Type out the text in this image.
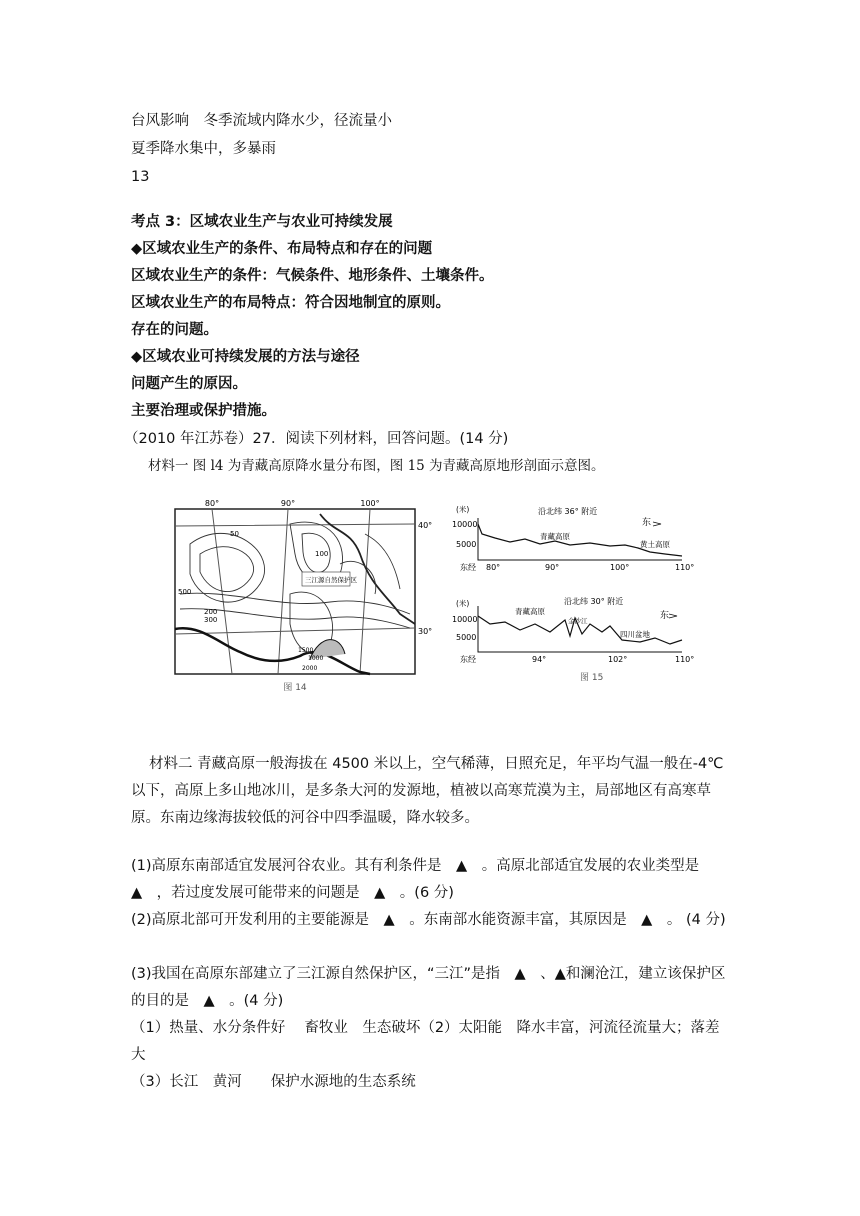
台风影响　冬季流域内降水少，径流量小
夏季降水集中，多暴雨
13
考点 3：区域农业生产与农业可持续发展
◆区域农业生产的条件、布局特点和存在的问题
区域农业生产的条件：气候条件、地形条件、土壤条件。
区域农业生产的布局特点：符合因地制宜的原则。
存在的问题。
◆区域农业可持续发展的方法与途径
问题产生的原因。
主要治理或保护措施。
（2010 年江苏卷）27．阅读下列材料，回答问题。(14 分)
材料一 图 l4 为青藏高原降水量分布图，图 15 为青藏高原地形剖面示意图。
80°	90°	100°
40°
30°
50
100
200
300
500
1000
1500
2000
三江源自然保护区
图 14
(米)
10000
5000
沿北纬 36° 附近
东
青藏高原
黄土高原
东经 80°	90°	100°	110°
(米)
10000
5000
沿北纬 30° 附近
东
青藏高原
四川盆地
金沙江
东经	94°	102°	110°
图 15
材料二 青藏高原一般海拔在 4500 米以上，空气稀薄，日照充足，年平均气温一般在-4℃以下，高原上多山地冰川，是多条大河的发源地，植被以高寒荒漠为主，局部地区有高寒草原。东南边缘海拔较低的河谷中四季温暖，降水较多。
(1)高原东南部适宜发展河谷农业。其有利条件是　▲　。高原北部适宜发展的农业类型是　▲　，若过度发展可能带来的问题是　▲　。(6 分)
(2)高原北部可开发利用的主要能源是　▲　。东南部水能资源丰富，其原因是　▲　。 (4 分)
(3)我国在高原东部建立了三江源自然保护区，“三江”是指　▲　、▲和澜沧江，建立该保护区的目的是　▲　。(4 分)
（1）热量、水分条件好　 畜牧业　生态破坏（2）太阳能　降水丰富，河流径流量大；落差大
（3）长江　黄河　　保护水源地的生态系统
